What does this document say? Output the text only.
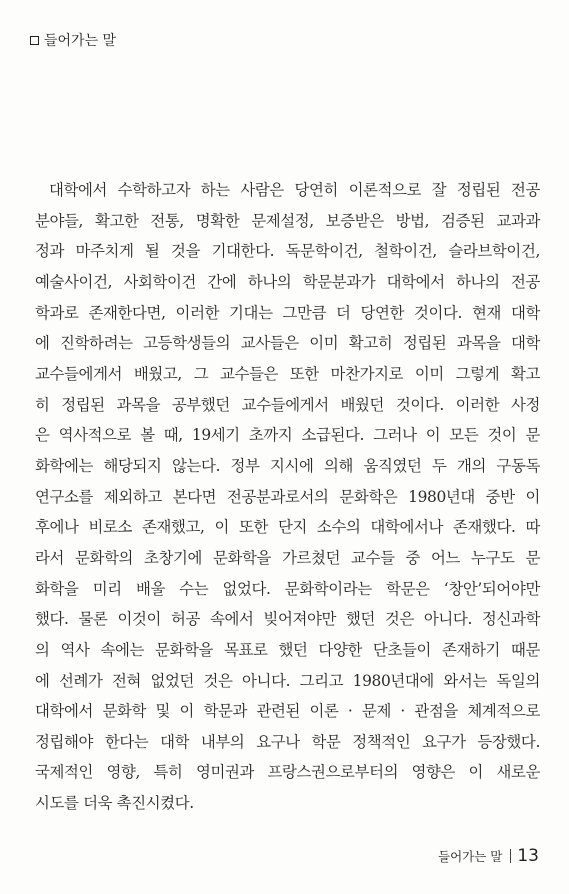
들어가는 말
대학에서 수학하고자 하는 사람은 당연히 이론적으로 잘 정립된 전공
분야들, 확고한 전통, 명확한 문제설정, 보증받은 방법, 검증된 교과과
정과 마주치게 될 것을 기대한다. 독문학이건, 철학이건, 슬라브학이건,
예술사이건, 사회학이건 간에 하나의 학문분과가 대학에서 하나의 전공
학과로 존재한다면, 이러한 기대는 그만큼 더 당연한 것이다. 현재 대학
에 진학하려는 고등학생들의 교사들은 이미 확고히 정립된 과목을 대학
교수들에게서 배웠고, 그 교수들은 또한 마찬가지로 이미 그렇게 확고
히 정립된 과목을 공부했던 교수들에게서 배웠던 것이다. 이러한 사정
은 역사적으로 볼 때, 19세기 초까지 소급된다. 그러나 이 모든 것이 문
화학에는 해당되지 않는다. 정부 지시에 의해 움직였던 두 개의 구동독
연구소를 제외하고 본다면 전공분과로서의 문화학은 1980년대 중반 이
후에나 비로소 존재했고, 이 또한 단지 소수의 대학에서나 존재했다. 따
라서 문화학의 초창기에 문화학을 가르쳤던 교수들 중 어느 누구도 문
화학을 미리 배울 수는 없었다. 문화학이라는 학문은 ‘창안’되어야만
했다. 물론 이것이 허공 속에서 빚어져야만 했던 것은 아니다. 정신과학
의 역사 속에는 문화학을 목표로 했던 다양한 단초들이 존재하기 때문
에 선례가 전혀 없었던 것은 아니다. 그리고 1980년대에 와서는 독일의
대학에서 문화학 및 이 학문과 관련된 이론 · 문제 · 관점을 체계적으로
정립해야 한다는 대학 내부의 요구나 학문 정책적인 요구가 등장했다.
국제적인 영향, 특히 영미권과 프랑스권으로부터의 영향은 이 새로운
시도를 더욱 촉진시켰다.
들어가는 말 13
